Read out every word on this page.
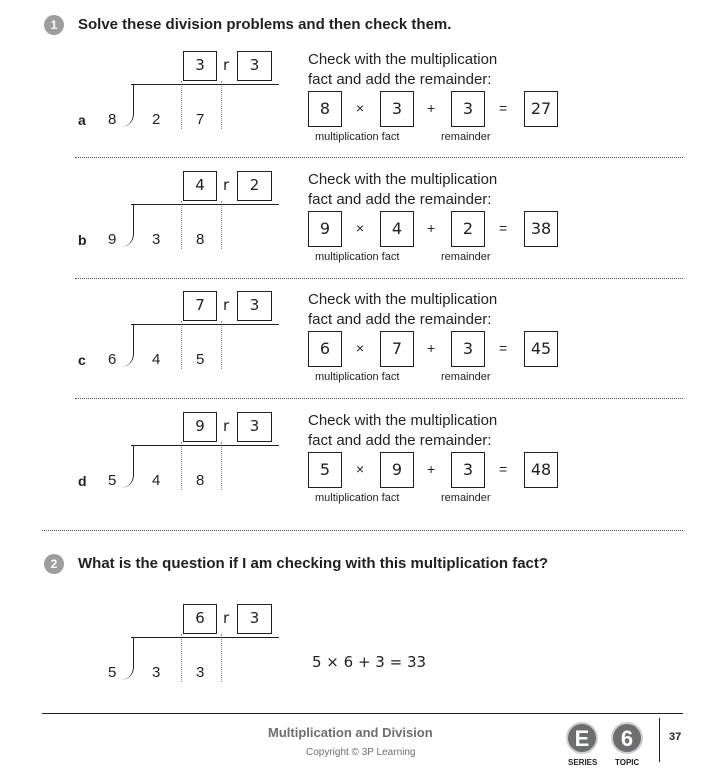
1	Solve these division problems and then check them.
a
3	r	3
8 2 7
Check with the multiplication
fact and add the remainder:
8	×	3	+	3	=	27
multiplication fact	remainder
b
4	r	2
9 3 8
Check with the multiplication
fact and add the remainder:
9	×	4	+	2	=	38
multiplication fact	remainder
c
7	r	3
6 4 5
Check with the multiplication
fact and add the remainder:
6	×	7	+	3	=	45
multiplication fact	remainder
d
9	r	3
5 4 8
Check with the multiplication
fact and add the remainder:
5	×	9	+	3	=	48
multiplication fact	remainder
2	What is the question if I am checking with this multiplication fact?
6	r	3
5 3 3
5 × 6 + 3 = 33
Multiplication and Division
Copyright © 3P Learning
E	6
SERIES TOPIC
37
